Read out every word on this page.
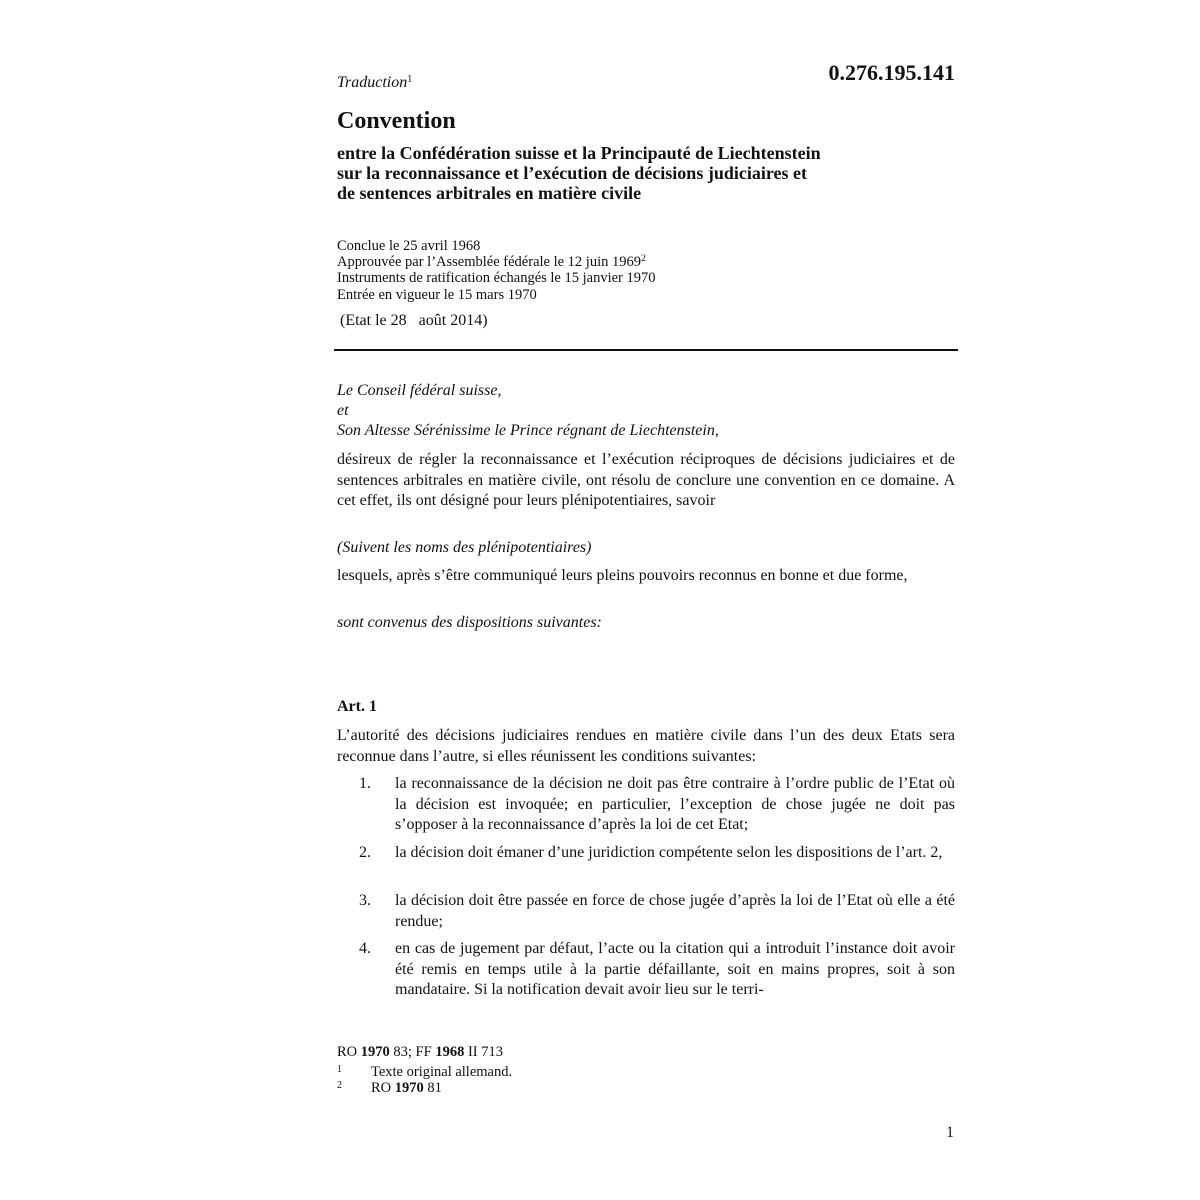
Traduction$^1$	0.276.195.141
Convention
entre la Confédération suisse et la Principauté de Liechtenstein
sur la reconnaissance et l’exécution de décisions judiciaires et
de sentences arbitrales en matière civile
Conclue le 25 avril 1968
Approuvée par l’Assemblée fédérale le 12 juin 1969$^2$
Instruments de ratification échangés le 15 janvier 1970
Entrée en vigueur le 15 mars 1970
(Etat le 28   août 2014)
Le Conseil fédéral suisse,
et
Son Altesse Sérénissime le Prince régnant de Liechtenstein,
désireux de régler la reconnaissance et l’exécution réciproques de décisions judiciaires et de sentences arbitrales en matière civile, ont résolu de conclure une convention en ce domaine. A cet effet, ils ont désigné pour leurs plénipotentiaires, savoir
(Suivent les noms des plénipotentiaires)
lesquels, après s’être communiqué leurs pleins pouvoirs reconnus en bonne et due forme,
sont convenus des dispositions suivantes:
Art. 1
L’autorité des décisions judiciaires rendues en matière civile dans l’un des deux Etats sera reconnue dans l’autre, si elles réunissent les conditions suivantes:
1. la reconnaissance de la décision ne doit pas être contraire à l’ordre public de l’Etat où la décision est invoquée; en particulier, l’exception de chose jugée ne doit pas s’opposer à la reconnaissance d’après la loi de cet Etat;
2. la décision doit émaner d’une juridiction compétente selon les dispositions de l’art. 2,
3. la décision doit être passée en force de chose jugée d’après la loi de l’Etat où elle a été rendue;
4. en cas de jugement par défaut, l’acte ou la citation qui a introduit l’instance doit avoir été remis en temps utile à la partie défaillante, soit en mains propres, soit à son mandataire. Si la notification devait avoir lieu sur le terri-
RO 1970 83; FF 1968 II 713
1 Texte original allemand.
2 RO 1970 81
1
